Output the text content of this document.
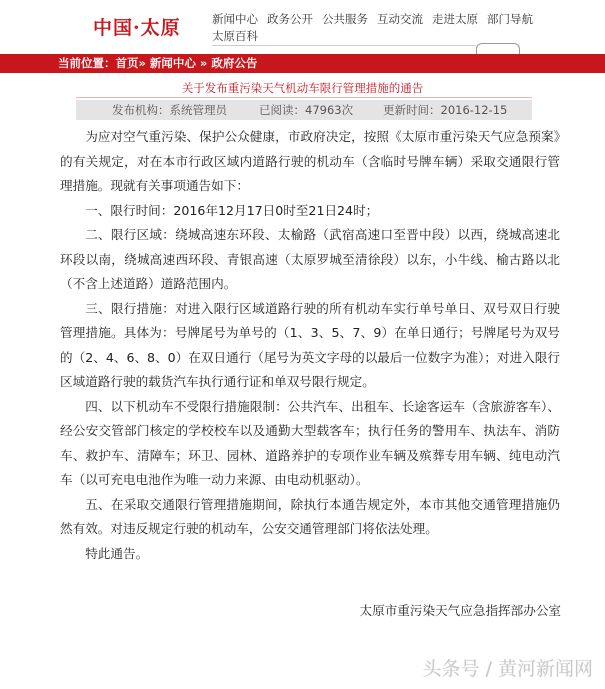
中国·太原	新闻中心 政务公开 公共服务 互动交流 走进太原 部门导航太原百科
当前位置：首页» 新闻中心 » 政府公告
关于发布重污染天气机动车限行管理措施的通告
发布机构：系统管理员	已阅读：47963次	更新时间：2016-12-15

为应对空气重污染、保护公众健康，市政府决定，按照《太原市重污染天气应急预案》的有关规定，对在本市行政区域内道路行驶的机动车（含临时号牌车辆）采取交通限行管理措施。现就有关事项通告如下：

一、限行时间：2016年12月17日0时至21日24时；

二、限行区域：绕城高速东环段、太榆路（武宿高速口至晋中段）以西，绕城高速北环段以南，绕城高速西环段、青银高速（太原罗城至清徐段）以东，小牛线、榆古路以北（不含上述道路）道路范围内。

三、限行措施：对进入限行区域道路行驶的所有机动车实行单号单日、双号双日行驶管理措施。具体为：号牌尾号为单号的（1、3、5、7、9）在单日通行；号牌尾号为双号的（2、4、6、8、0）在双日通行（尾号为英文字母的以最后一位数字为准）；对进入限行区域道路行驶的载货汽车执行通行证和单双号限行规定。

四、以下机动车不受限行措施限制：公共汽车、出租车、长途客运车（含旅游客车）、经公安交管部门核定的学校校车以及通勤大型载客车；执行任务的警用车、执法车、消防车、救护车、清障车；环卫、园林、道路养护的专项作业车辆及殡葬专用车辆、纯电动汽车（以可充电电池作为唯一动力来源、由电动机驱动）。

五、在采取交通限行管理措施期间，除执行本通告规定外，本市其他交通管理措施仍然有效。对违反规定行驶的机动车，公安交通管理部门将依法处理。

特此通告。

太原市重污染天气应急指挥部办公室
头条号 / 黄河新闻网
